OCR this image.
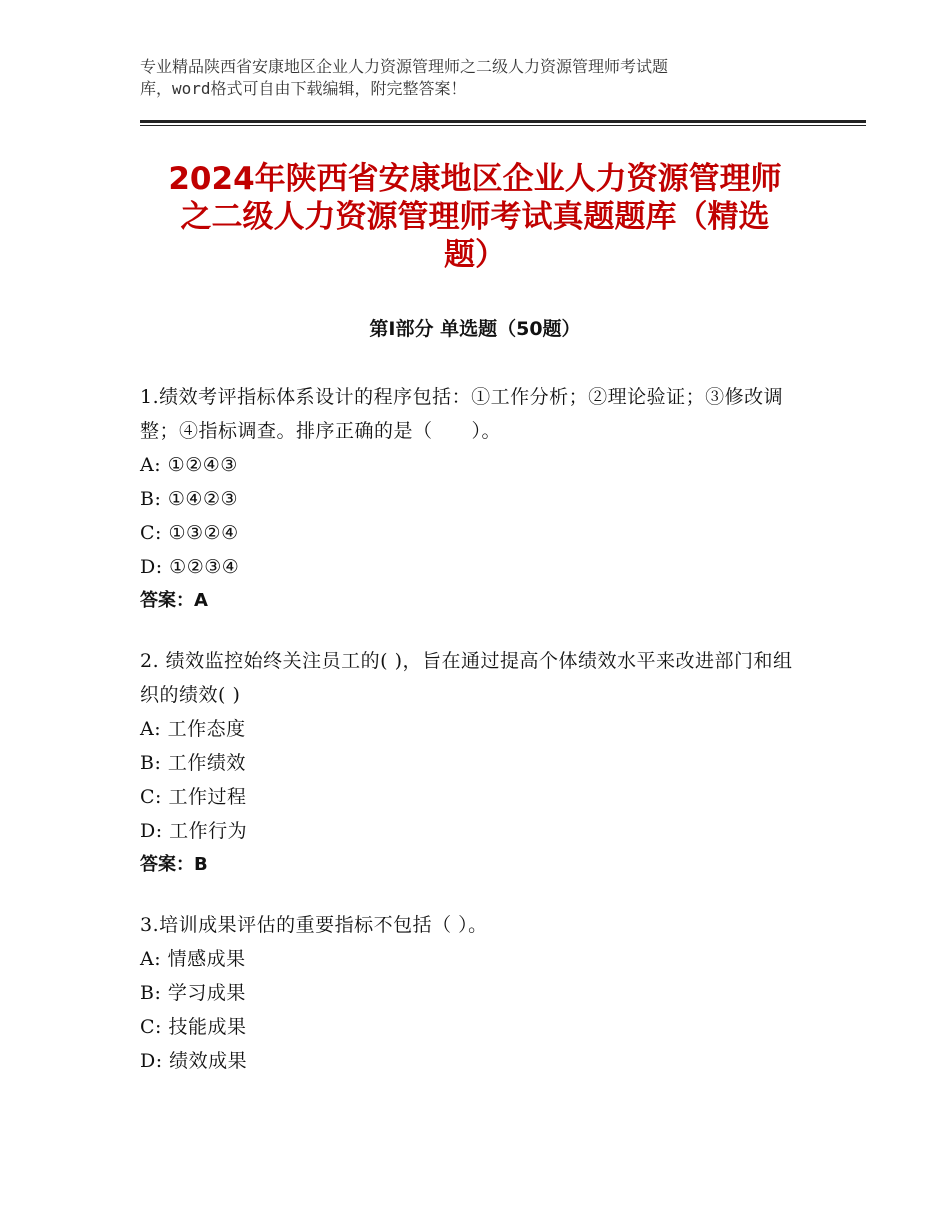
专业精品陕西省安康地区企业人力资源管理师之二级人力资源管理师考试题
库，word格式可自由下载编辑，附完整答案！
2024年陕西省安康地区企业人力资源管理师
之二级人力资源管理师考试真题题库（精选
题）
第Ⅰ部分 单选题（50题）
1.绩效考评指标体系设计的程序包括：①工作分析；②理论验证；③修改调整；④指标调查。排序正确的是（　　）。
A: ①②④③
B: ①④②③
C: ①③②④
D: ①②③④
答案：A
2. 绩效监控始终关注员工的( )，旨在通过提高个体绩效水平来改进部门和组织的绩效( )
A: 工作态度
B: 工作绩效
C: 工作过程
D: 工作行为
答案：B
3.培训成果评估的重要指标不包括（ ）。
A: 情感成果
B: 学习成果
C: 技能成果
D: 绩效成果
